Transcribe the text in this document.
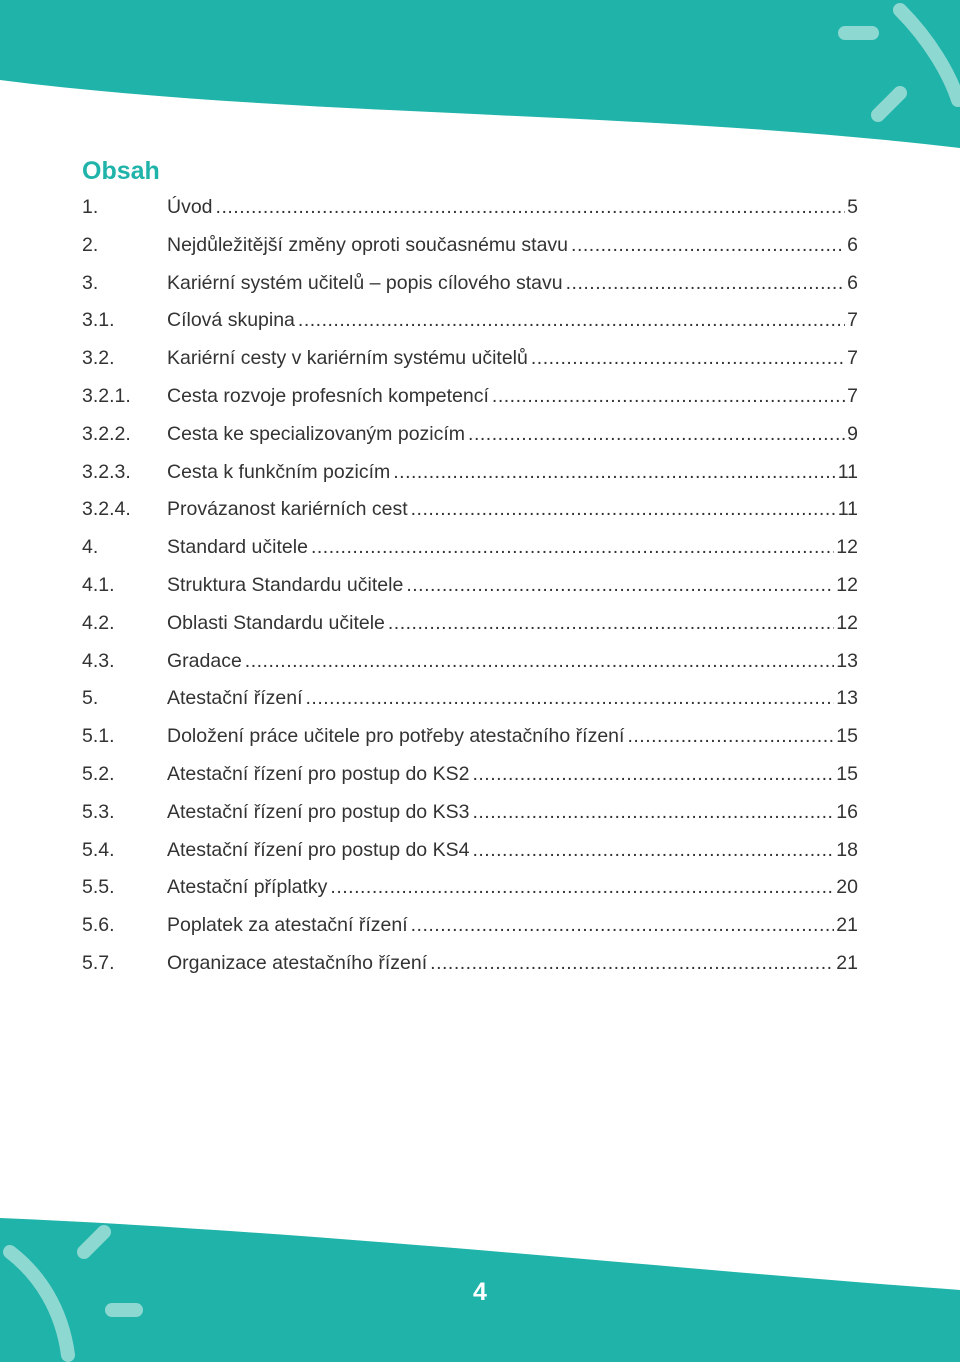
Obsah
1.	Úvod .....	5
2.	Nejdůležitější změny oproti současnému stavu .....	6
3.	Kariérní systém učitelů – popis cílového stavu .....	6
3.1.	Cílová skupina .....	7
3.2.	Kariérní cesty v kariérním systému učitelů .....	7
3.2.1.	Cesta rozvoje profesních kompetencí .....	7
3.2.2.	Cesta ke specializovaným pozicím .....	9
3.2.3.	Cesta k funkčním pozicím .....	11
3.2.4.	Provázanost kariérních cest .....	11
4.	Standard učitele .....	12
4.1.	Struktura Standardu učitele .....	12
4.2.	Oblasti Standardu učitele .....	12
4.3.	Gradace .....	13
5.	Atestační řízení .....	13
5.1.	Doložení práce učitele pro potřeby atestačního řízení .....	15
5.2.	Atestační řízení pro postup do KS2 .....	15
5.3.	Atestační řízení pro postup do KS3 .....	16
5.4.	Atestační řízení pro postup do KS4 .....	18
5.5.	Atestační příplatky .....	20
5.6.	Poplatek za atestační řízení .....	21
5.7.	Organizace atestačního řízení .....	21
4
